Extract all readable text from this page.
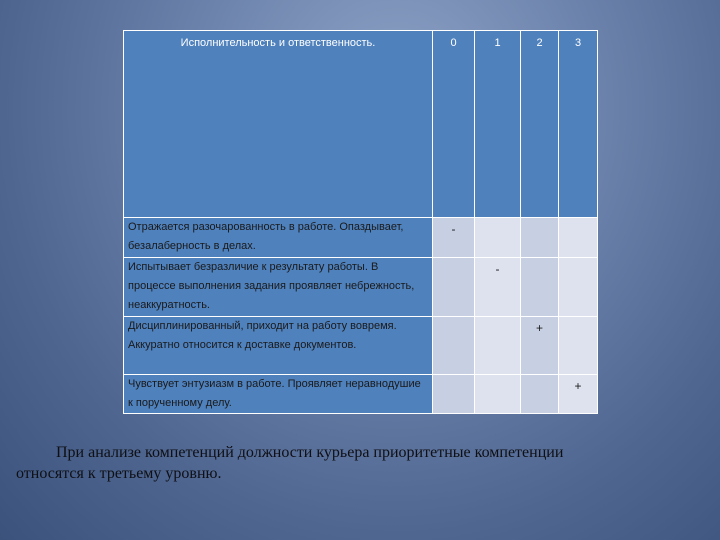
Исполнительность и ответственность.	0	1	2	3
Отражается разочарованность в работе. Опаздывает, безалаберность в делах.	-			
Испытывает безразличие к результату работы. В процессе выполнения задания проявляет небрежность, неаккуратность.		-		
Дисциплинированный, приходит на работу вовремя. Аккуратно относится к доставке документов.			+	
Чувствует энтузиазм в работе. Проявляет неравнодушие к порученному делу.				+
При анализе компетенций должности курьера приоритетные компетенции относятся к третьему уровню.
